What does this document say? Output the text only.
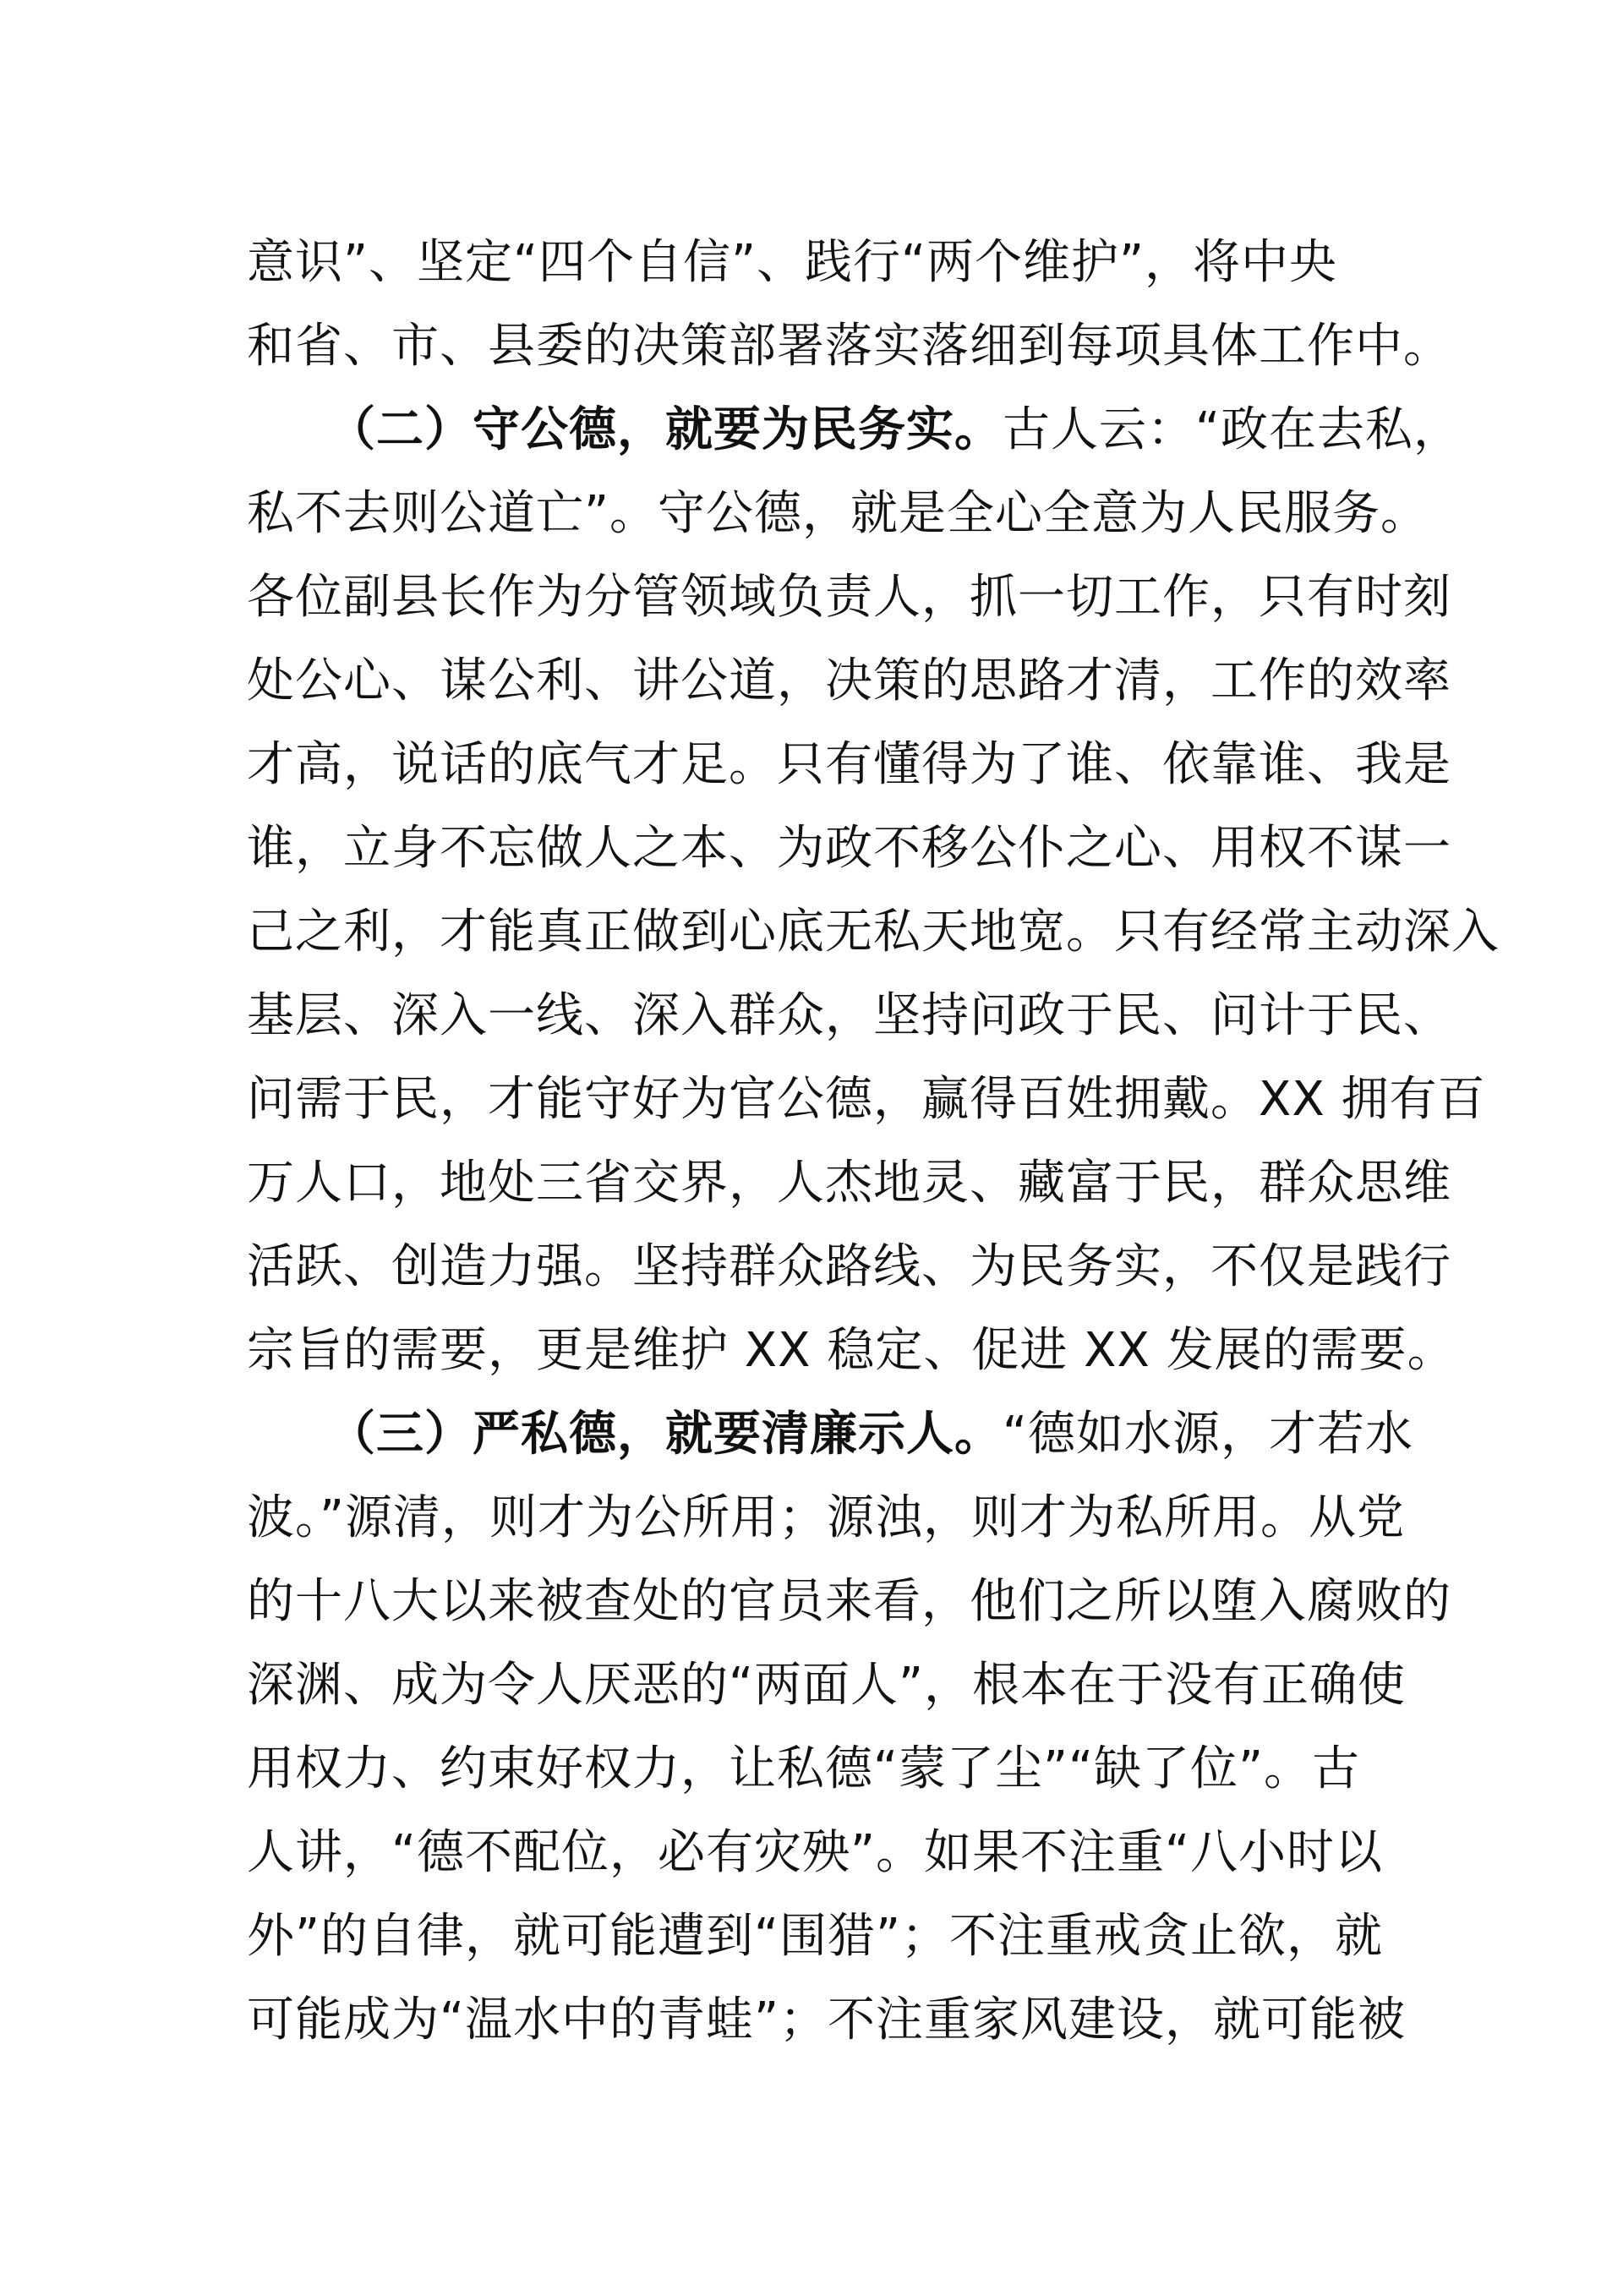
意识”、坚定“四个自信”、践行“两个维护”，将中央
和省、市、县委的决策部署落实落细到每项具体工作中。
（二）守公德，就要为民务实。古人云：“政在去私，
私不去则公道亡”。守公德，就是全心全意为人民服务。
各位副县长作为分管领域负责人，抓一切工作，只有时刻
处公心、谋公利、讲公道，决策的思路才清，工作的效率
才高，说话的底气才足。只有懂得为了谁、依靠谁、我是
谁，立身不忘做人之本、为政不移公仆之心、用权不谋一
己之利，才能真正做到心底无私天地宽。只有经常主动深入
基层、深入一线、深入群众，坚持问政于民、问计于民、
问需于民，才能守好为官公德，赢得百姓拥戴。XX 拥有百
万人口，地处三省交界，人杰地灵、藏富于民，群众思维
活跃、创造力强。坚持群众路线、为民务实，不仅是践行
宗旨的需要，更是维护 XX 稳定、促进 XX 发展的需要。
（三）严私德，就要清廉示人。“德如水源，才若水
波。”源清，则才为公所用；源浊，则才为私所用。从党
的十八大以来被查处的官员来看，他们之所以堕入腐败的
深渊、成为令人厌恶的“两面人”，根本在于没有正确使
用权力、约束好权力，让私德“蒙了尘”“缺了位”。古
人讲，“德不配位，必有灾殃”。如果不注重“八小时以
外”的自律，就可能遭到“围猎”；不注重戒贪止欲，就
可能成为“温水中的青蛙”；不注重家风建设，就可能被
